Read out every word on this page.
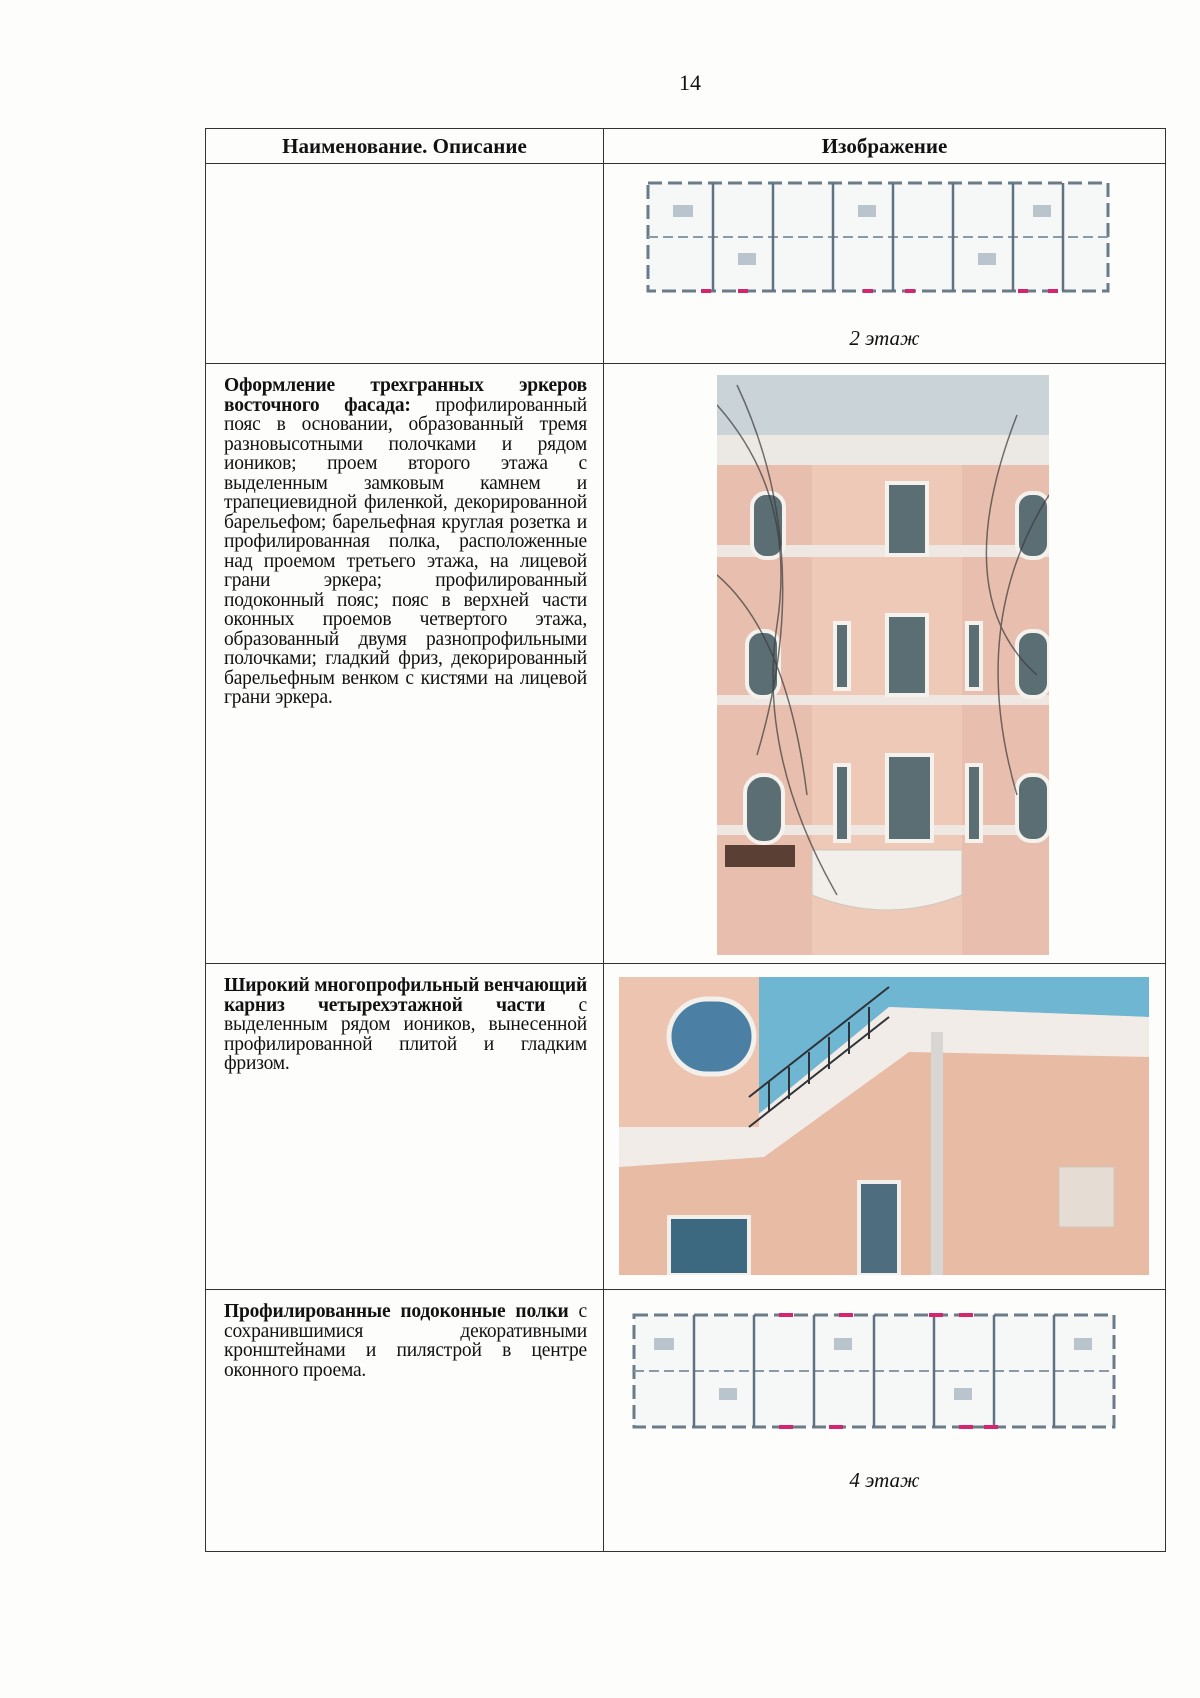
14
Наименование. Описание	Изображение

	2 этаж

Оформление трехгранных эркеров восточного фасада: профилированный пояс в основании, образованный тремя разновысотными полочками и рядом иоников; проем второго этажа с выделенным замковым камнем и трапециевидной филенкой, декорированной барельефом; барельефная круглая розетка и профилированная полка, расположенные над проемом третьего этажа, на лицевой грани эркера; профилированный подоконный пояс; пояс в верхней части оконных проемов четвертого этажа, образованный двумя разнопрофильными полочками; гладкий фриз, декорированный барельефным венком с кистями на лицевой грани эркера.	

Широкий многопрофильный венчающий карниз четырехэтажной части с выделенным рядом иоников, вынесенной профилированной плитой и гладким фризом.	

Профилированные подоконные полки с сохранившимися декоративными кронштейнами и пилястрой в центре оконного проема.	4 этаж
